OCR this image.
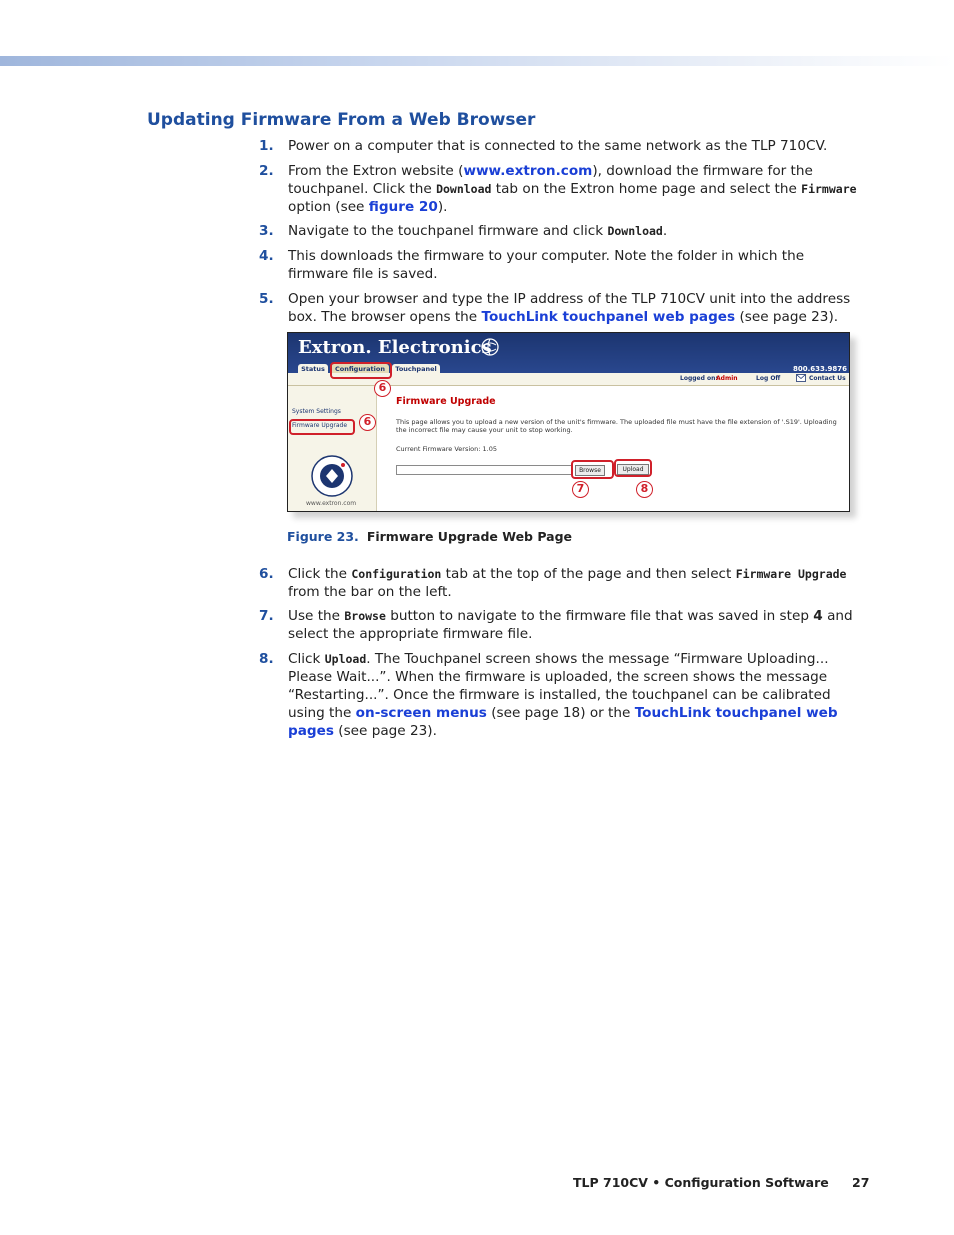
Updating Firmware From a Web Browser
1. Power on a computer that is connected to the same network as the TLP 710CV.
2. From the Extron website (www.extron.com), download the firmware for the touchpanel. Click the Download tab on the Extron home page and select the Firmware option (see figure 20).
3. Navigate to the touchpanel firmware and click Download.
4. This downloads the firmware to your computer. Note the folder in which the firmware file is saved.
5. Open your browser and type the IP address of the TLP 710CV unit into the address box. The browser opens the TouchLink touchpanel web pages (see page 23).
Extron. Electronics
800.633.9876
Status	Configuration	Touchpanel
Logged on:
Admin	Log Off	Contact Us
System Settings
Firmware Upgrade
www.extron.com
Firmware Upgrade
This page allows you to upload a new version of the unit's firmware. The uploaded file must have the file extension of '.S19'. Uploading the incorrect file may cause your unit to stop working.
Current Firmware Version: 1.05
Browse	Upload
6
6
7	8
Figure 23. Firmware Upgrade Web Page
6. Click the Configuration tab at the top of the page and then select Firmware Upgrade from the bar on the left.
7. Use the Browse button to navigate to the firmware file that was saved in step 4 and select the appropriate firmware file.
8. Click Upload. The Touchpanel screen shows the message “Firmware Uploading... Please Wait...”. When the firmware is uploaded, the screen shows the message “Restarting...”. Once the firmware is installed, the touchpanel can be calibrated using the on-screen menus (see page 18) or the TouchLink touchpanel web pages (see page 23).
TLP 710CV • Configuration Software 27
